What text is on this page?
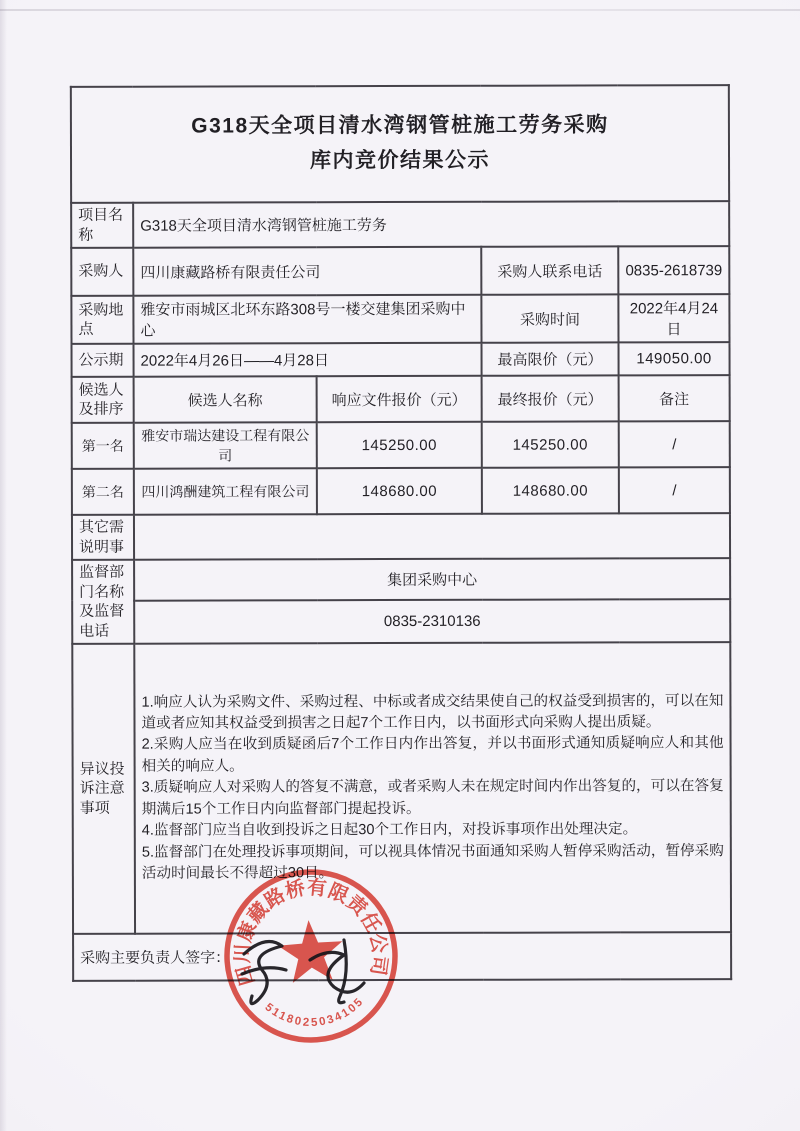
G318天全项目清水湾钢管桩施工劳务采购
库内竞价结果公示				

项目名称	G318天全项目清水湾钢管桩施工劳务			
采购人	四川康藏路桥有限责任公司		采购人联系电话	0835-2618739
采购地点	雅安市雨城区北环东路308号一楼交建集团采购中心		采购时间	2022年4月24日
公示期	2022年4月26日——4月28日		最高限价（元）	149050.00
候选人及排序	候选人名称	响应文件报价（元）	最终报价（元）	备注
第一名	雅安市瑞达建设工程有限公司	145250.00	145250.00	/
第二名	四川鸿酬建筑工程有限公司	148680.00	148680.00	/
其它需说明事				
监督部门名称及监督电话	集团采购中心			
	0835-2310136			
异议投诉注意事项	1.响应人认为采购文件、采购过程、中标或者成交结果使自己的权益受到损害的，可以在知道或者应知其权益受到损害之日起7个工作日内，以书面形式向采购人提出质疑。

2.采购人应当在收到质疑函后7个工作日内作出答复，并以书面形式通知质疑响应人和其他相关的响应人。

3.质疑响应人对采购人的答复不满意，或者采购人未在规定时间内作出答复的，可以在答复期满后15个工作日内向监督部门提起投诉。

4.监督部门应当自收到投诉之日起30个工作日内，对投诉事项作出处理决定。

5.监督部门在处理投诉事项期间，可以视具体情况书面通知采购人暂停采购活动，暂停采购活动时间最长不得超过30日。			

采购主要负责人签字：				
四川康藏路桥有限责任公司
5118025034105
